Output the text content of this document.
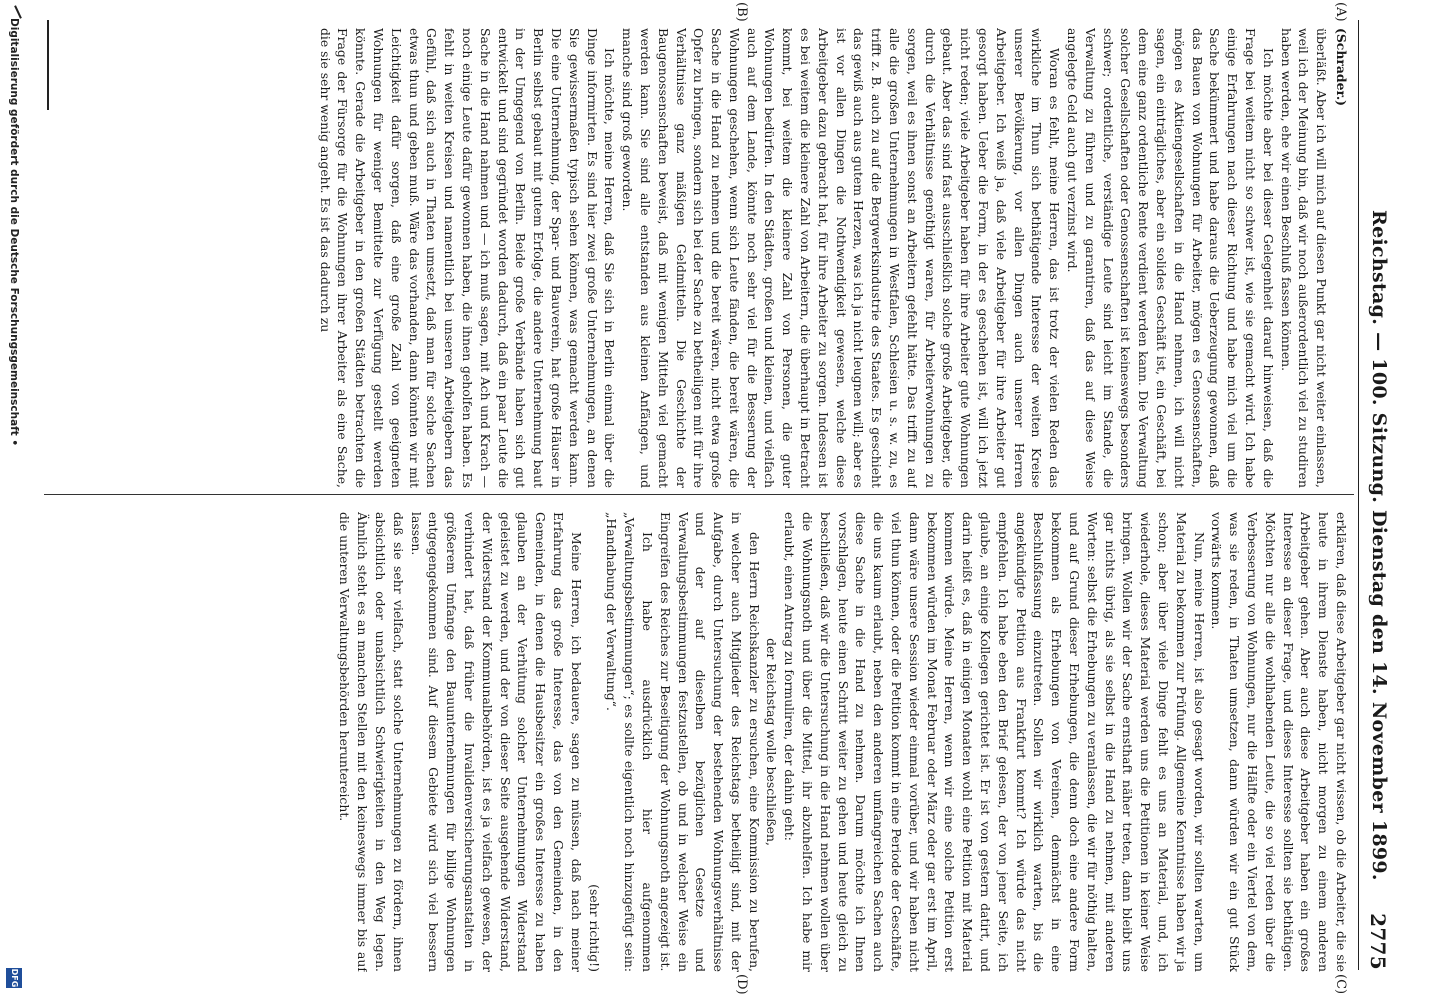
Reichstag. — 100. Sitzung. Dienstag den 14. November 1899.
2775
(A)
(B)
(C)
(D)
(Schrader.)

überläßt. Aber ich will mich auf diesen Punkt gar nicht weiter einlassen, weil ich der Meinung bin, daß wir noch außerordentlich viel zu studiren haben werden, ehe wir einen Beschluß fassen können.

Ich möchte aber bei dieser Gelegenheit darauf hinweisen, daß die Frage bei weitem nicht so schwer ist, wie sie gemacht wird. Ich habe einige Erfahrungen nach dieser Richtung und habe mich viel um die Sache bekümmert und habe daraus die Ueberzeugung gewonnen, daß das Bauen von Wohnungen für Arbeiter, mögen es Genossenschaften, mögen es Aktiengesellschaften in die Hand nehmen, ich will nicht sagen, ein einträgliches, aber ein solides Geschäft ist, ein Geschäft, bei dem eine ganz ordentliche Rente verdient werden kann. Die Verwaltung solcher Gesellschaften oder Genossenschaften ist keineswegs besonders schwer; ordentliche, verständige Leute sind leicht im Stande, die Verwaltung zu führen und zu garantiren, daß das auf diese Weise angelegte Geld auch gut verzinst wird.

Woran es fehlt, meine Herren, das ist trotz der vielen Reden das wirkliche im Thun sich bethätigende Interesse der weiten Kreise unserer Bevölkerung, vor allen Dingen auch unserer Herren Arbeitgeber. Ich weiß ja, daß viele Arbeitgeber für ihre Arbeiter gut gesorgt haben. Ueber die Form, in der es geschehen ist, will ich jetzt nicht reden; viele Arbeitgeber haben für ihre Arbeiter gute Wohnungen gebaut. Aber das sind fast ausschließlich solche große Arbeitgeber, die durch die Verhältnisse genöthigt waren, für Arbeiterwohnungen zu sorgen, weil es ihnen sonst an Arbeitern gefehlt hätte. Das trifft zu auf alle die großen Unternehmungen in Westfalen, Schlesien u. s. w. zu, es trifft z. B. auch zu auf die Bergwerksindustrie des Staates. Es geschieht das gewiß auch aus gutem Herzen, was ich ja nicht leugnen will; aber es ist vor allen Dingen die Nothwendigkeit gewesen, welche diese Arbeitgeber dazu gebracht hat, für ihre Arbeiter zu sorgen. Indessen ist es bei weitem die kleinere Zahl von Arbeitern, die überhaupt in Betracht kommt, bei weitem die kleinere Zahl von Personen, die guter Wohnungen bedürfen. In den Städten, großen und kleinen, und vielfach auch auf dem Lande, könnte noch sehr viel für die Besserung der Wohnungen geschehen, wenn sich Leute fänden, die bereit wären, die Sache in die Hand zu nehmen und die bereit wären, nicht etwa große Opfer zu bringen, sondern sich bei der Sache zu betheiligen mit für ihre Verhältnisse ganz mäßigen Geldmitteln. Die Geschichte der Baugenossenschaften beweist, daß mit wenigen Mitteln viel gemacht werden kann. Sie sind alle entstanden aus kleinen Anfängen, und manche sind groß geworden.

Ich möchte, meine Herren, daß Sie sich in Berlin einmal über die Dinge informirten. Es sind hier zwei große Unternehmungen, an denen Sie gewissermaßen typisch sehen können, was gemacht werden kann. Die eine Unternehmung, der Spar- und Bauverein, hat große Häuser in Berlin selbst gebaut mit gutem Erfolge, die andere Unternehmung baut in der Umgegend von Berlin. Beide große Verbände haben sich gut entwickelt und sind gegründet worden dadurch, daß ein paar Leute die Sache in die Hand nahmen und — ich muß sagen, mit Ach und Krach — noch einige Leute dafür gewonnen haben, die ihnen geholfen haben. Es fehlt in weiten Kreisen und namentlich bei unseren Arbeitgebern das Gefühl, daß sich auch in Thaten umsetzt, daß man für solche Sachen etwas thun und geben muß. Wäre das vorhanden, dann könnten wir mit Leichtigkeit dafür sorgen, daß eine große Zahl von geeigneten Wohnungen für weniger Bemittelte zur Verfügung gestellt werden könnte. Gerade die Arbeitgeber in den großen Städten betrachten die Frage der Fürsorge für die Wohnungen ihrer Arbeiter als eine Sache, die sie sehr wenig angeht. Es ist das dadurch zu

erklären, daß diese Arbeitgeber gar nicht wissen, ob die Arbeiter, die sie heute in ihrem Dienste haben, nicht morgen zu einem anderen Arbeitgeber gehen. Aber auch diese Arbeitgeber haben ein großes Interesse an dieser Frage, und dieses Interesse sollten sie bethätigen. Möchten nur alle die wohlhabenden Leute, die so viel reden über die Verbesserung von Wohnungen, nur die Hälfte oder ein Viertel von dem, was sie reden, in Thaten umsetzen, dann würden wir ein gut Stück vorwärts kommen.

Nun, meine Herren, ist also gesagt worden, wir sollten warten, um Material zu bekommen zur Prüfung. Allgemeine Kenntnisse haben wir ja schon; aber über viele Dinge fehlt es uns an Material, und, ich wiederhole, dieses Material werden uns die Petitionen in keiner Weise bringen. Wollen wir der Sache ernsthaft näher treten, dann bleibt uns gar nichts übrig, als sie selbst in die Hand zu nehmen, mit anderen Worten: selbst die Erhebungen zu veranlassen, die wir für nöthig halten, und auf Grund dieser Erhebungen, die denn doch eine andere Form bekommen als Erhebungen von Vereinen, demnächst in eine Beschlußfassung einzutreten. Sollen wir wirklich warten, bis die angekündigte Petition aus Frankfurt kommt? Ich würde das nicht empfehlen. Ich habe eben den Brief gelesen, der von jener Seite, ich glaube, an einige Kollegen gerichtet ist. Er ist von gestern datirt, und darin heißt es, daß in einigen Monaten wohl eine Petition mit Material kommen würde. Meine Herren, wenn wir eine solche Petition erst bekommen würden im Monat Februar oder März oder gar erst im April, dann wäre unsere Session wieder einmal vorüber, und wir haben nicht viel thun können, oder die Petition kommt in eine Periode der Geschäfte, die uns kaum erlaubt, neben den anderen umfangreichen Sachen auch diese Sache in die Hand zu nehmen. Darum möchte ich Ihnen vorschlagen, heute einen Schritt weiter zu gehen und heute gleich zu beschließen, daß wir die Untersuchung in die Hand nehmen wollen über die Wohnungsnoth und über die Mittel, ihr abzuhelfen. Ich habe mir erlaubt, einen Antrag zu formuliren, der dahin geht:

der Reichstag wolle beschließen,

den Herrn Reichskanzler zu ersuchen, eine Kommission zu berufen, in welcher auch Mitglieder des Reichstags betheiligt sind, mit der Aufgabe, durch Untersuchung der bestehenden Wohnungsverhältnisse und der auf dieselben bezüglichen Gesetze und Verwaltungsbestimmungen festzustellen, ob und in welcher Weise ein Eingreifen des Reiches zur Beseitigung der Wohnungsnoth angezeigt ist.

Ich habe ausdrücklich hier aufgenommen „Verwaltungsbestimmungen“; es sollte eigentlich noch hinzugefügt sein: „Handhabung der Verwaltung“.

(sehr richtig!)

Meine Herren, ich bedauere, sagen zu müssen, daß nach meiner Erfahrung das große Interesse, das von den Gemeinden, in den Gemeinden, in denen die Hausbesitzer ein großes Interesse zu haben glauben an der Verhütung solcher Unternehmungen Widerstand geleistet zu werden, und der von dieser Seite ausgehende Widerstand, der Widerstand der Kommunalbehörden, ist es ja vielfach gewesen, der verhindert hat, daß früher die Invalidenversicherungsanstalten in größerem Umfange den Bauunternehmungen für billige Wohnungen entgegengekommen sind. Auf diesem Gebiete wird sich viel bessern lassen.

daß sie sehr vielfach, statt solche Unternehmungen zu fördern, ihnen absichtlich oder unabsichtlich Schwierigkeiten in den Weg legen. Ähnlich steht es an manchen Stellen mit den keineswegs immer bis auf die unteren Verwaltungsbehörden heruntereicht.

Digitalisierung gefördert durch die Deutsche Forschungsgemeinschaft •
DFG
